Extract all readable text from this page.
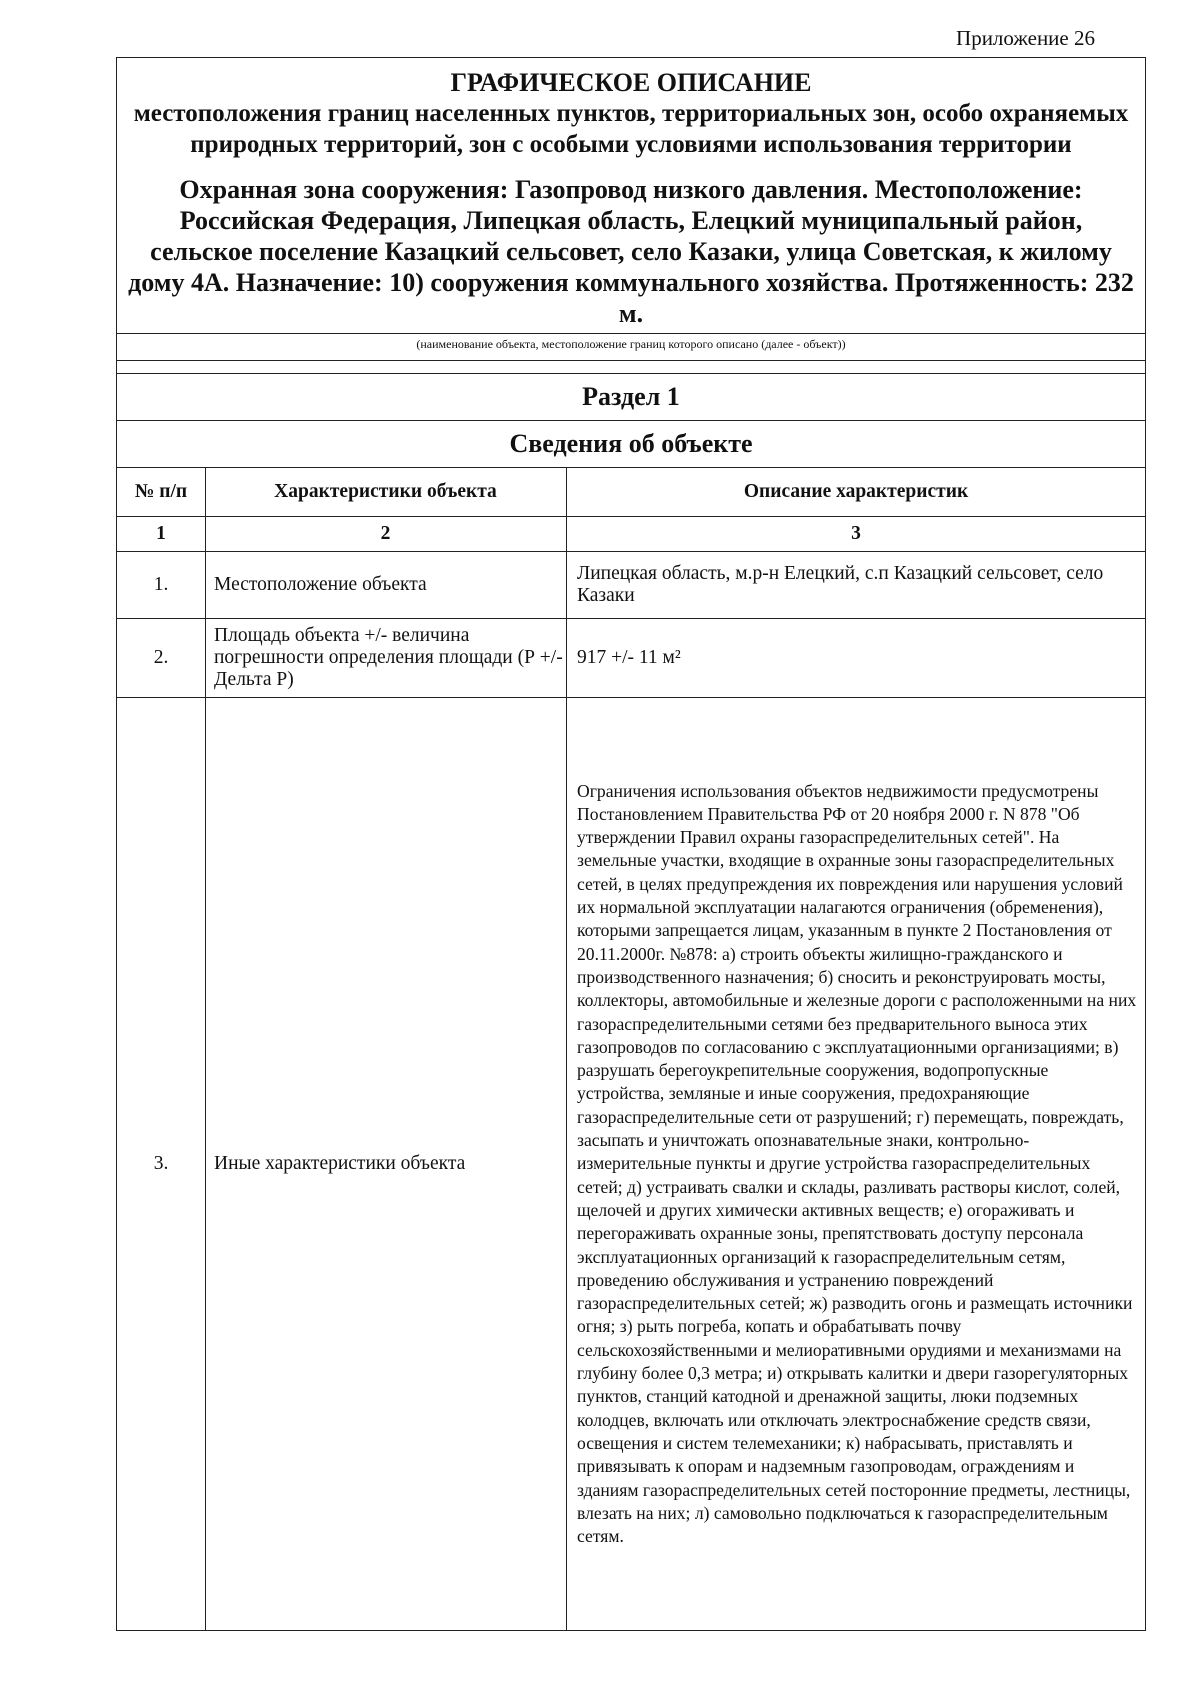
Приложение 26
ГРАФИЧЕСКОЕ ОПИСАНИЕ
местоположения границ населенных пунктов, территориальных зон, особо охраняемых природных территорий, зон с особыми условиями использования территории
Охранная зона сооружения: Газопровод низкого давления. Местоположение: Российская Федерация, Липецкая область, Елецкий муниципальный район, сельское поселение Казацкий сельсовет, село Казаки, улица Советская, к жилому дому 4А. Назначение: 10) сооружения коммунального хозяйства. Протяженность: 232 м.
(наименование объекта, местоположение границ которого описано (далее - объект))
Раздел 1
Сведения об объекте
№ п/п	Характеристики объекта	Описание характеристик
1	2	3
1.	Местоположение объекта	Липецкая область, м.р-н Елецкий, с.п Казацкий сельсовет, село Казаки
2.	Площадь объекта +/- величина погрешности определения площади (Р +/- Дельта Р)	917 +/- 11 м²
3.	Иные характеристики объекта	Ограничения использования объектов недвижимости предусмотрены Постановлением Правительства РФ от 20 ноября 2000 г. N 878 "Об утверждении Правил охраны газораспределительных сетей". На земельные участки, входящие в охранные зоны газораспределительных сетей, в целях предупреждения их повреждения или нарушения условий их нормальной эксплуатации налагаются ограничения (обременения), которыми запрещается лицам, указанным в пункте 2 Постановления от 20.11.2000г. №878: а) строить объекты жилищно-гражданского и производственного назначения; б) сносить и реконструировать мосты, коллекторы, автомобильные и железные дороги с расположенными на них газораспределительными сетями без предварительного выноса этих газопроводов по согласованию с эксплуатационными организациями; в) разрушать берегоукрепительные сооружения, водопропускные устройства, земляные и иные сооружения, предохраняющие газораспределительные сети от разрушений; г) перемещать, повреждать, засыпать и уничтожать опознавательные знаки, контрольно-измерительные пункты и другие устройства газораспределительных сетей; д) устраивать свалки и склады, разливать растворы кислот, солей, щелочей и других химически активных веществ; е) огораживать и перегораживать охранные зоны, препятствовать доступу персонала эксплуатационных организаций к газораспределительным сетям, проведению обслуживания и устранению повреждений газораспределительных сетей; ж) разводить огонь и размещать источники огня; з) рыть погреба, копать и обрабатывать почву сельскохозяйственными и мелиоративными орудиями и механизмами на глубину более 0,3 метра; и) открывать калитки и двери газорегуляторных пунктов, станций катодной и дренажной защиты, люки подземных колодцев, включать или отключать электроснабжение средств связи, освещения и систем телемеханики; к) набрасывать, приставлять и привязывать к опорам и надземным газопроводам, ограждениям и зданиям газораспределительных сетей посторонние предметы, лестницы, влезать на них; л) самовольно подключаться к газораспределительным сетям.
